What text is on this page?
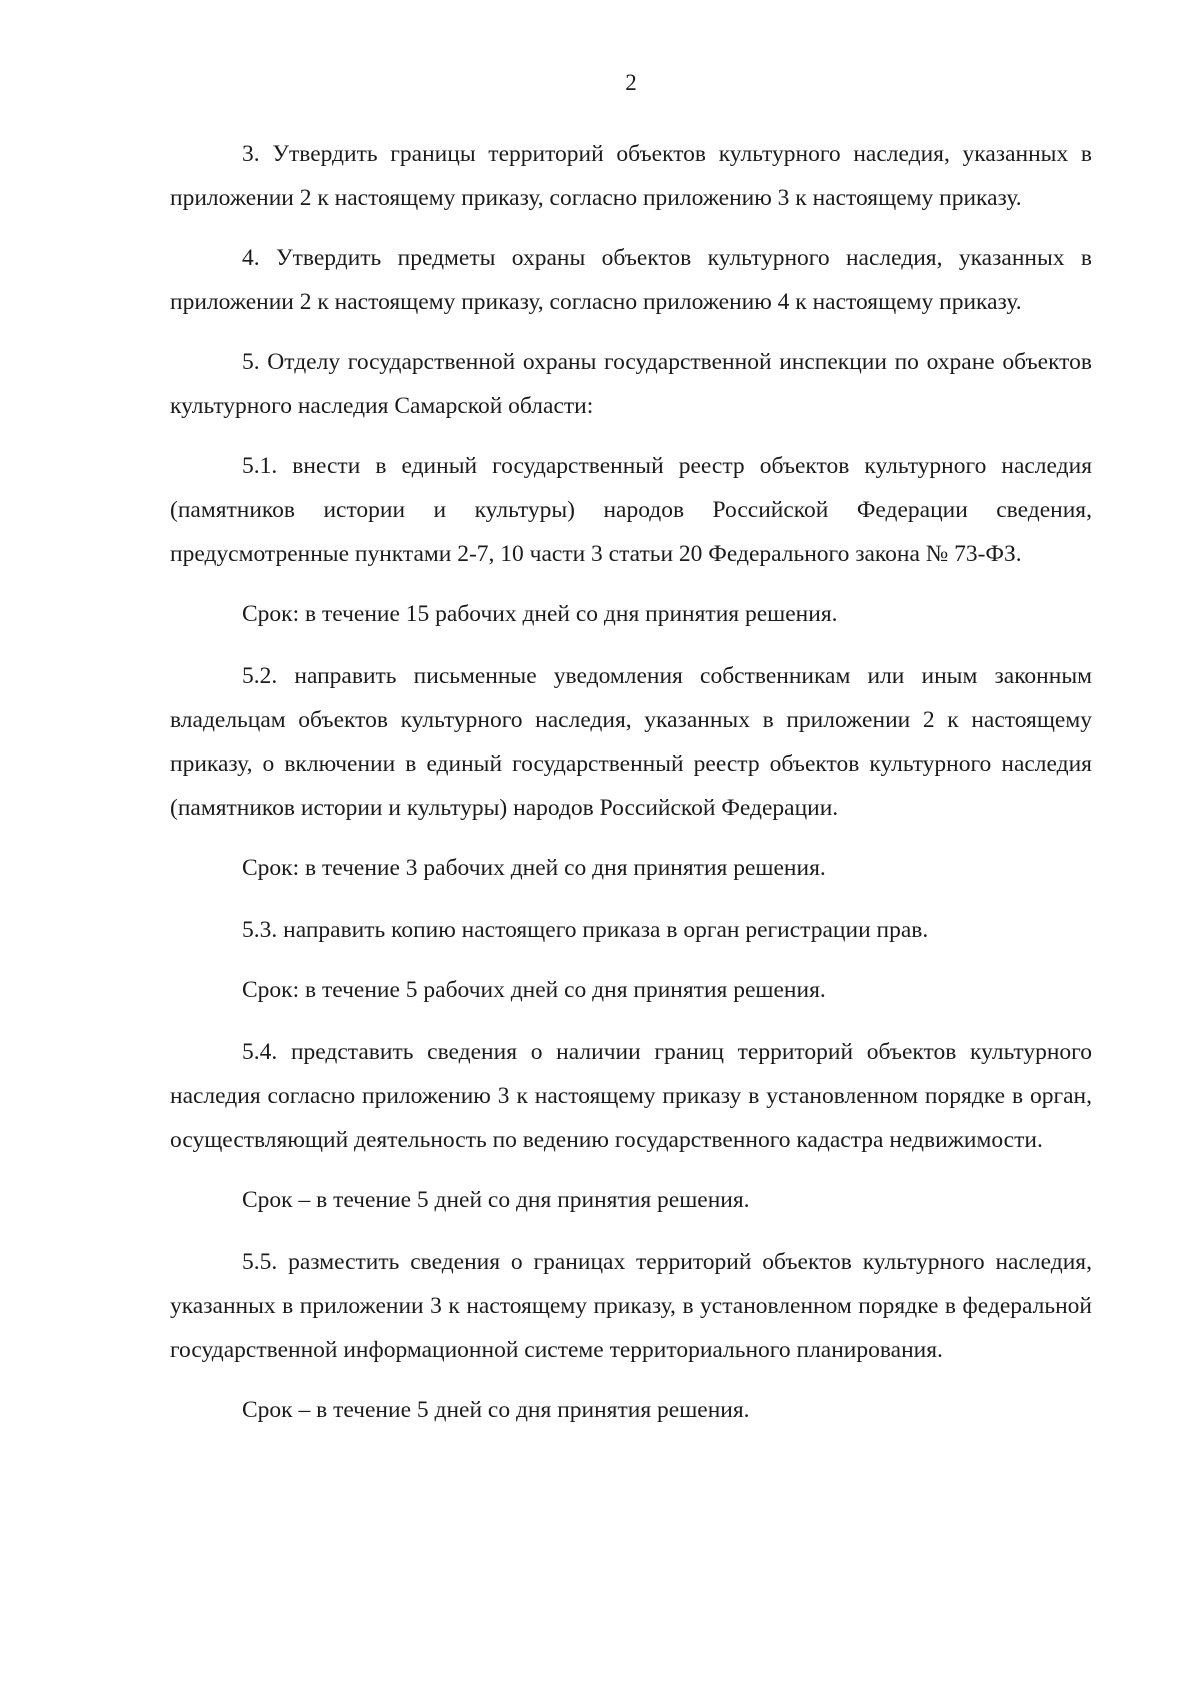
2

3. Утвердить границы территорий объектов культурного наследия, указанных в приложении 2 к настоящему приказу, согласно приложению 3 к настоящему приказу.

4. Утвердить предметы охраны объектов культурного наследия, указанных в приложении 2 к настоящему приказу, согласно приложению 4 к настоящему приказу.

5. Отделу государственной охраны государственной инспекции по охране объектов культурного наследия Самарской области:

5.1. внести в единый государственный реестр объектов культурного наследия (памятников истории и культуры) народов Российской Федерации сведения, предусмотренные пунктами 2-7, 10 части 3 статьи 20 Федерального закона № 73-ФЗ.

Срок: в течение 15 рабочих дней со дня принятия решения.

5.2. направить письменные уведомления собственникам или иным законным владельцам объектов культурного наследия, указанных в приложении 2 к настоящему приказу, о включении в единый государственный реестр объектов культурного наследия (памятников истории и культуры) народов Российской Федерации.

Срок: в течение 3 рабочих дней со дня принятия решения.

5.3. направить копию настоящего приказа в орган регистрации прав.

Срок: в течение 5 рабочих дней со дня принятия решения.

5.4. представить сведения о наличии границ территорий объектов культурного наследия согласно приложению 3 к настоящему приказу в установленном порядке в орган, осуществляющий деятельность по ведению государственного кадастра недвижимости.

Срок – в течение 5 дней со дня принятия решения.

5.5. разместить сведения о границах территорий объектов культурного наследия, указанных в приложении 3 к настоящему приказу, в установленном порядке в федеральной государственной информационной системе территориального планирования.

Срок – в течение 5 дней со дня принятия решения.
